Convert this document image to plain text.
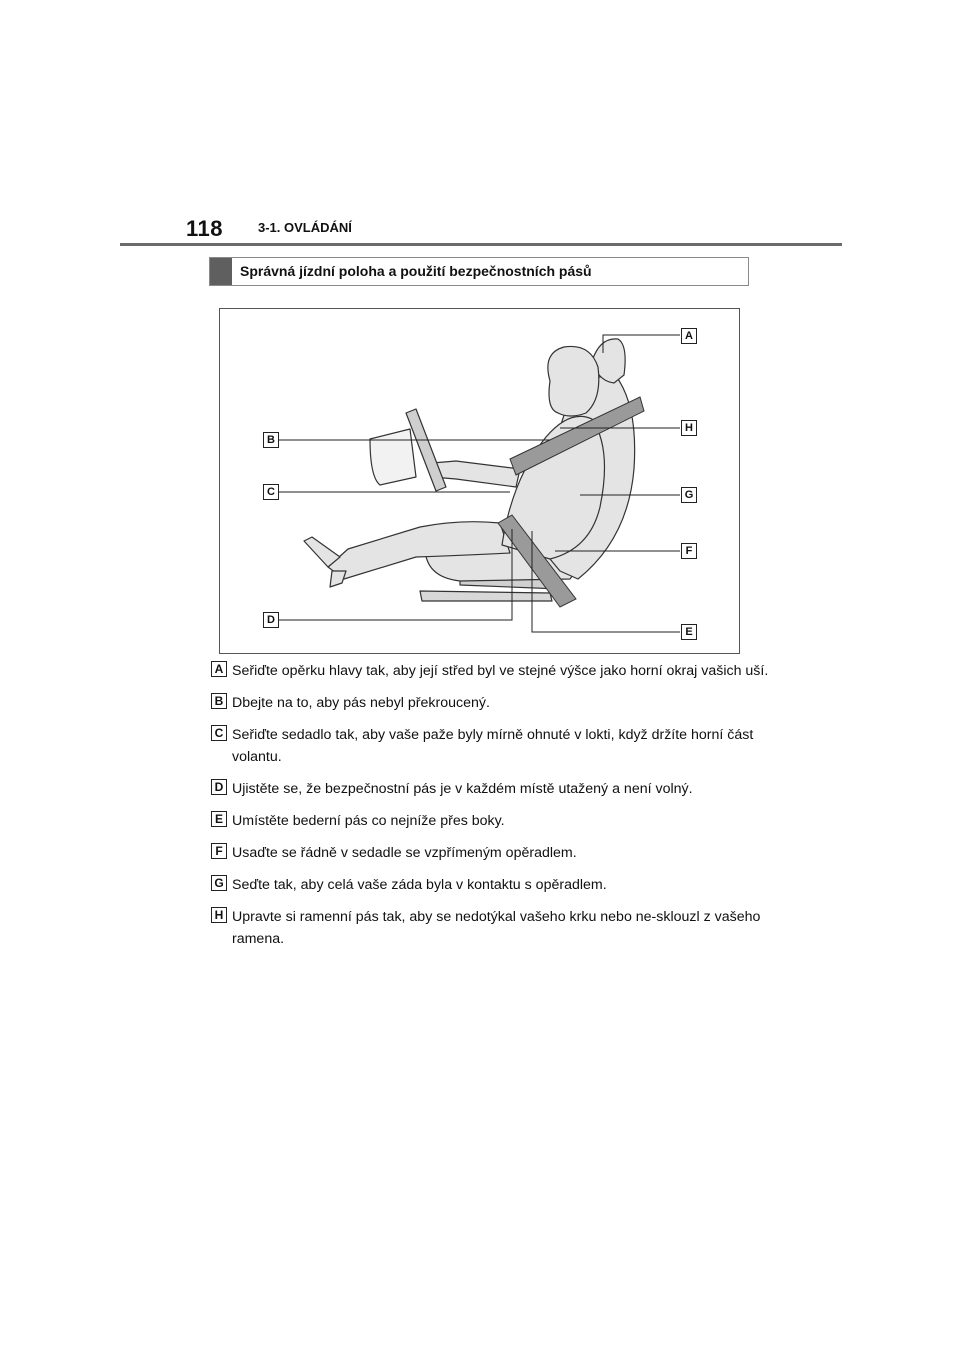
118	3-1. OVLÁDÁNÍ
Správná jízdní poloha a použití bezpečnostních pásů
A
B
C
D
E
F
G
H
A Seřiďte opěrku hlavy tak, aby její střed byl ve stejné výšce jako horní okraj vašich uší.
B Dbejte na to, aby pás nebyl překroucený.
C Seřiďte sedadlo tak, aby vaše paže byly mírně ohnuté v lokti, když držíte horní část volantu.
D Ujistěte se, že bezpečnostní pás je v každém místě utažený a není volný.
E Umístěte bederní pás co nejníže přes boky.
F Usaďte se řádně v sedadle se vzpřímeným opěradlem.
G Seďte tak, aby celá vaše záda byla v kontaktu s opěradlem.
H Upravte si ramenní pás tak, aby se nedotýkal vašeho krku nebo ne-sklouzl z vašeho ramena.
